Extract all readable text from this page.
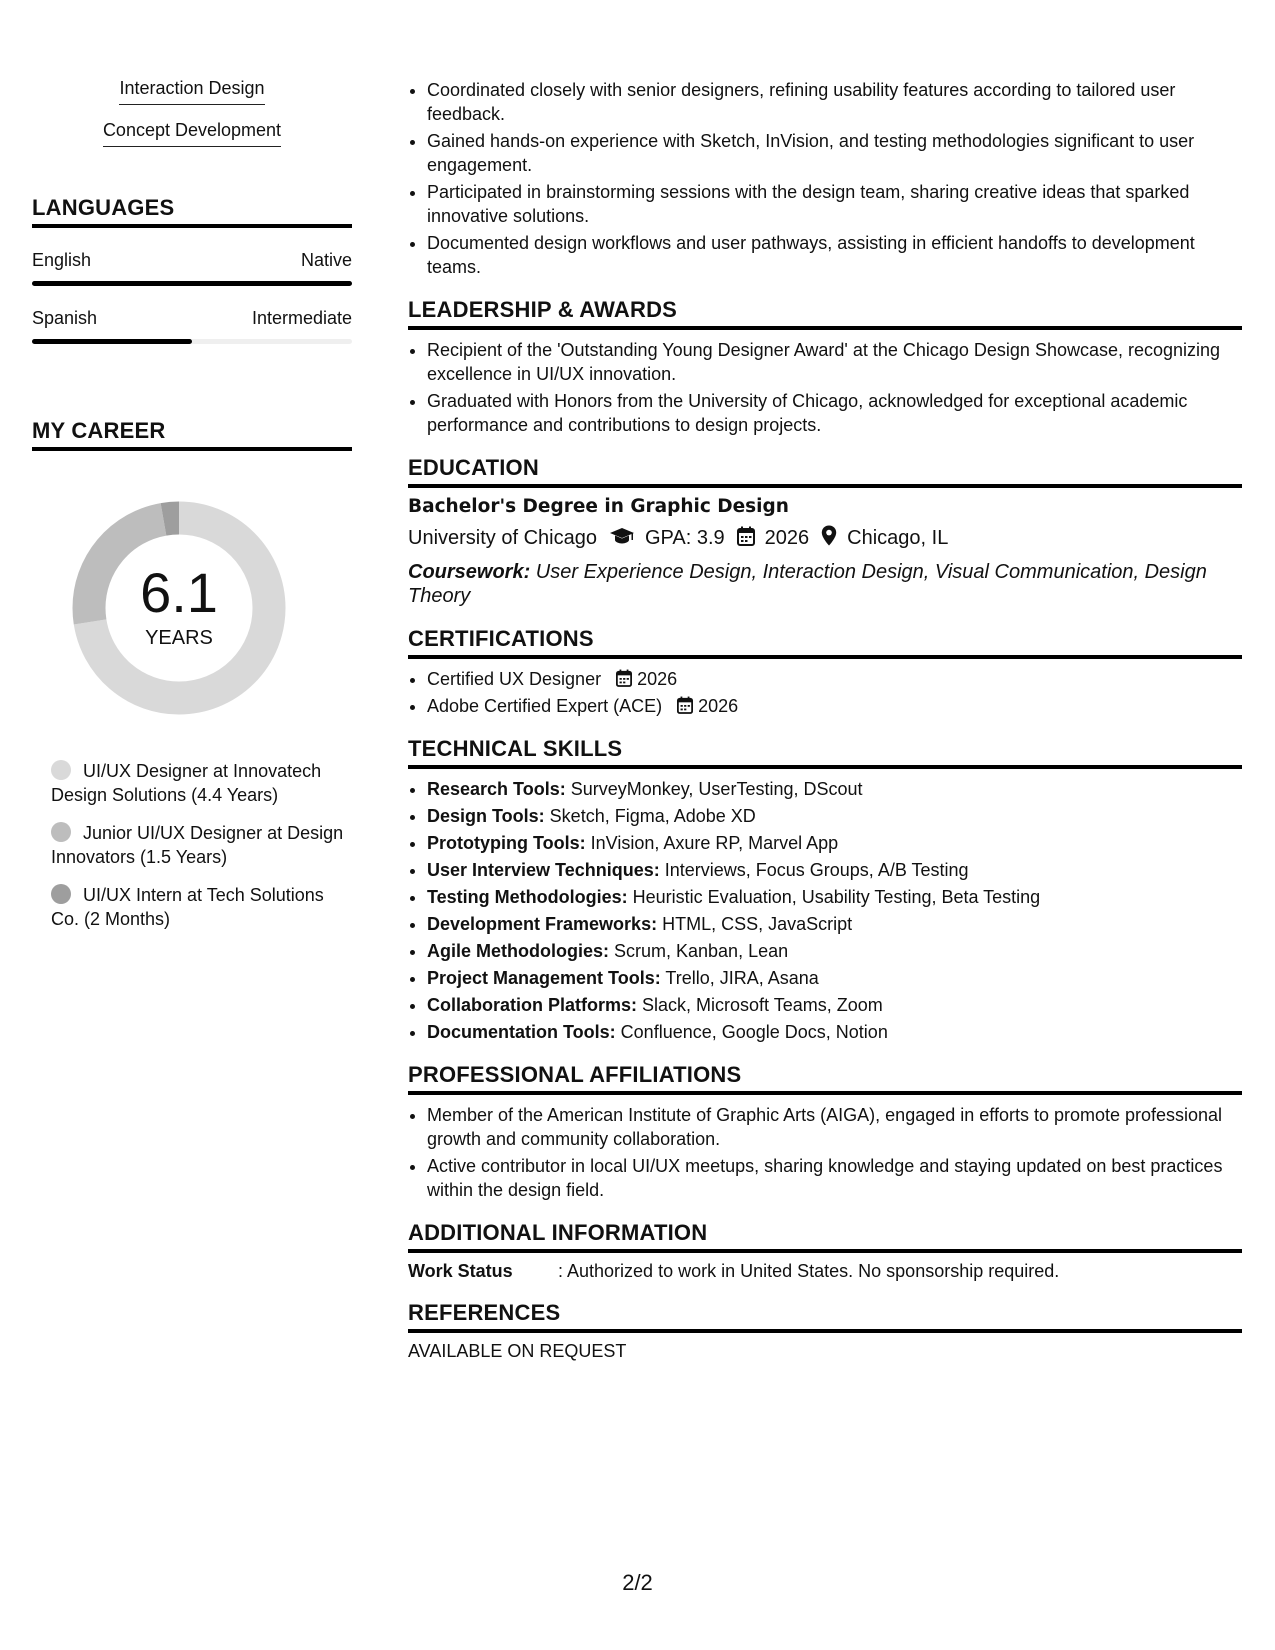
Interaction Design
Concept Development
LANGUAGES
English	Native
Spanish	Intermediate
MY CAREER
6.1
YEARS
UI/UX Designer at Innovatech Design Solutions (4.4 Years)
Junior UI/UX Designer at Design Innovators (1.5 Years)
UI/UX Intern at Tech Solutions Co. (2 Months)
• Coordinated closely with senior designers, refining usability features according to tailored user feedback.
• Gained hands-on experience with Sketch, InVision, and testing methodologies significant to user engagement.
• Participated in brainstorming sessions with the design team, sharing creative ideas that sparked innovative solutions.
• Documented design workflows and user pathways, assisting in efficient handoffs to development teams.
LEADERSHIP & AWARDS
• Recipient of the 'Outstanding Young Designer Award' at the Chicago Design Showcase, recognizing excellence in UI/UX innovation.
• Graduated with Honors from the University of Chicago, acknowledged for exceptional academic performance and contributions to design projects.
EDUCATION
Bachelor's Degree in Graphic Design
University of Chicago GPA: 3.9 2026 Chicago, IL
Coursework: User Experience Design, Interaction Design, Visual Communication, Design Theory
CERTIFICATIONS
• Certified UX Designer 2026
• Adobe Certified Expert (ACE) 2026
TECHNICAL SKILLS
• Research Tools: SurveyMonkey, UserTesting, DScout
• Design Tools: Sketch, Figma, Adobe XD
• Prototyping Tools: InVision, Axure RP, Marvel App
• User Interview Techniques: Interviews, Focus Groups, A/B Testing
• Testing Methodologies: Heuristic Evaluation, Usability Testing, Beta Testing
• Development Frameworks: HTML, CSS, JavaScript
• Agile Methodologies: Scrum, Kanban, Lean
• Project Management Tools: Trello, JIRA, Asana
• Collaboration Platforms: Slack, Microsoft Teams, Zoom
• Documentation Tools: Confluence, Google Docs, Notion
PROFESSIONAL AFFILIATIONS
• Member of the American Institute of Graphic Arts (AIGA), engaged in efforts to promote professional growth and community collaboration.
• Active contributor in local UI/UX meetups, sharing knowledge and staying updated on best practices within the design field.
ADDITIONAL INFORMATION
Work Status	: Authorized to work in United States. No sponsorship required.
REFERENCES
AVAILABLE ON REQUEST
2/2
